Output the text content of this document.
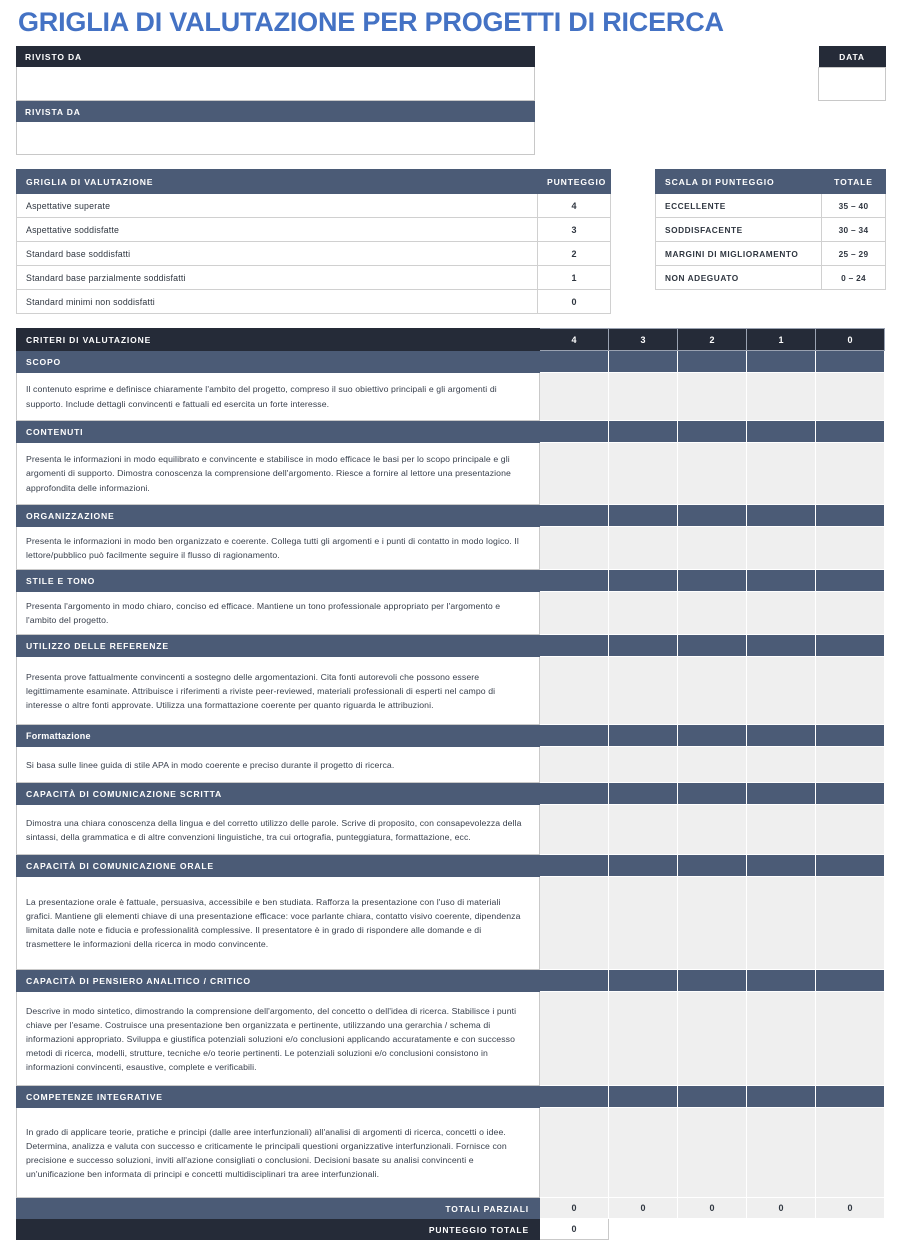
GRIGLIA DI VALUTAZIONE PER PROGETTI DI RICERCA
RIVISTO DA
RIVISTA DA
DATA

GRIGLIA DI VALUTAZIONE	PUNTEGGIO
Aspettative superate	4
Aspettative soddisfatte	3
Standard base soddisfatti	2
Standard base parzialmente soddisfatti	1
Standard minimi non soddisfatti	0
SCALA DI PUNTEGGIO	TOTALE
ECCELLENTE	35 – 40
SODDISFACENTE	30 – 34
MARGINI DI MIGLIORAMENTO	25 – 29
NON ADEGUATO	0 – 24
CRITERI DI VALUTAZIONE	4	3	2	1	0
SCOPO					
Il contenuto esprime e definisce chiaramente l'ambito del progetto, compreso il suo obiettivo principali e gli argomenti di supporto. Include dettagli convincenti e fattuali ed esercita un forte interesse.					
CONTENUTI					
Presenta le informazioni in modo equilibrato e convincente e stabilisce in modo efficace le basi per lo scopo principale e gli argomenti di supporto. Dimostra conoscenza la comprensione dell'argomento. Riesce a fornire al lettore una presentazione approfondita delle informazioni.					
ORGANIZZAZIONE					
Presenta le informazioni in modo ben organizzato e coerente. Collega tutti gli argomenti e i punti di contatto in modo logico. Il lettore/pubblico può facilmente seguire il flusso di ragionamento.					
STILE E TONO					
Presenta l'argomento in modo chiaro, conciso ed efficace. Mantiene un tono professionale appropriato per l'argomento e l'ambito del progetto.					
UTILIZZO DELLE REFERENZE					
Presenta prove fattualmente convincenti a sostegno delle argomentazioni. Cita fonti autorevoli che possono essere legittimamente esaminate. Attribuisce i riferimenti a riviste peer-reviewed, materiali professionali di esperti nel campo di interesse o altre fonti approvate. Utilizza una formattazione coerente per quanto riguarda le attribuzioni.					
Formattazione					
Si basa sulle linee guida di stile APA in modo coerente e preciso durante il progetto di ricerca.					
CAPACITÀ DI COMUNICAZIONE SCRITTA					
Dimostra una chiara conoscenza della lingua e del corretto utilizzo delle parole. Scrive di proposito, con consapevolezza della sintassi, della grammatica e di altre convenzioni linguistiche, tra cui ortografia, punteggiatura, formattazione, ecc.					
CAPACITÀ DI COMUNICAZIONE ORALE					
La presentazione orale è fattuale, persuasiva, accessibile e ben studiata. Rafforza la presentazione con l'uso di materiali grafici. Mantiene gli elementi chiave di una presentazione efficace: voce parlante chiara, contatto visivo coerente, dipendenza limitata dalle note e fiducia e professionalità complessive. Il presentatore è in grado di rispondere alle domande e di trasmettere le informazioni della ricerca in modo convincente.					
CAPACITÀ DI PENSIERO ANALITICO / CRITICO					
Descrive in modo sintetico, dimostrando la comprensione dell'argomento, del concetto o dell'idea di ricerca. Stabilisce i punti chiave per l'esame. Costruisce una presentazione ben organizzata e pertinente, utilizzando una gerarchia / schema di informazioni appropriato. Sviluppa e giustifica potenziali soluzioni e/o conclusioni applicando accuratamente e con successo metodi di ricerca, modelli, strutture, tecniche e/o teorie pertinenti. Le potenziali soluzioni e/o conclusioni consistono in informazioni convincenti, esaustive, complete e verificabili.					
COMPETENZE INTEGRATIVE					
In grado di applicare teorie, pratiche e principi (dalle aree interfunzionali) all'analisi di argomenti di ricerca, concetti o idee. Determina, analizza e valuta con successo e criticamente le principali questioni organizzative interfunzionali. Fornisce con precisione e successo soluzioni, inviti all'azione consigliati o conclusioni. Decisioni basate su analisi convincenti e un'unificazione ben informata di principi e concetti multidisciplinari tra aree interfunzionali.					
TOTALI PARZIALI	0	0	0	0	0
PUNTEGGIO TOTALE	0				
